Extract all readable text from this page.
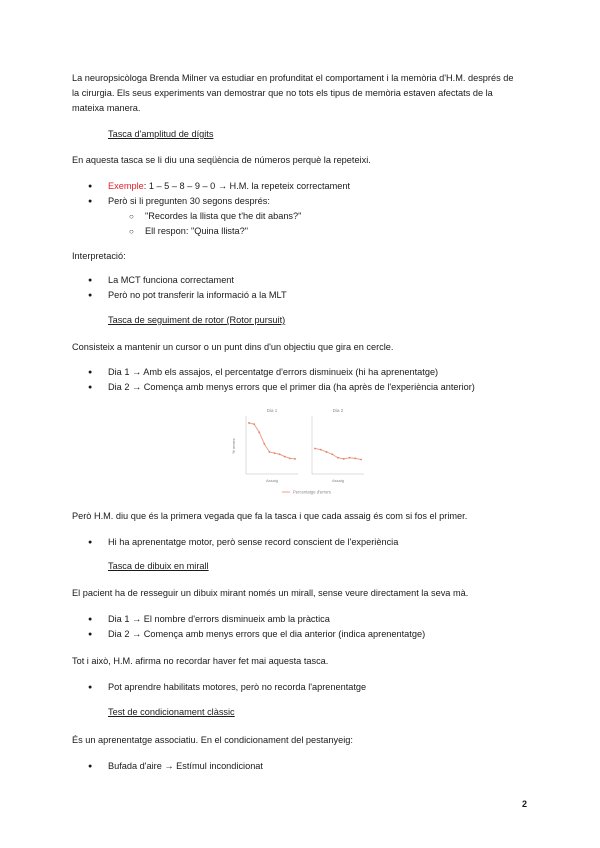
La neuropsicòloga Brenda Milner va estudiar en profunditat el comportament i la memòria d'H.M. després de
la cirurgia. Els seus experiments van demostrar que no tots els tipus de memòria estaven afectats de la
mateixa manera.
Tasca d'amplitud de dígits
En aquesta tasca se li diu una seqüència de números perquè la repeteixi.
● Exemple: 1 – 5 – 8 – 9 – 0 → H.M. la repeteix correctament
● Però si li pregunten 30 segons després:
○ "Recordes la llista que t'he dit abans?"
○ Ell respon: "Quina llista?"
Interpretació:
● La MCT funciona correctament
● Però no pot transferir la informació a la MLT
Tasca de seguiment de rotor (Rotor pursuit)
Consisteix a mantenir un cursor o un punt dins d'un objectiu que gira en cercle.
● Dia 1 → Amb els assajos, el percentatge d'errors disminueix (hi ha aprenentatge)
● Dia 2 → Comença amb menys errors que el primer dia (ha après de l'experiència anterior)
% errors
Dia 1
Assaig
Dia 2
Assaig
Percentatge d'errors
Però H.M. diu que és la primera vegada que fa la tasca i que cada assaig és com si fos el primer.
● Hi ha aprenentatge motor, però sense record conscient de l'experiència
Tasca de dibuix en mirall
El pacient ha de resseguir un dibuix mirant només un mirall, sense veure directament la seva mà.
● Dia 1 → El nombre d'errors disminueix amb la pràctica
● Dia 2 → Comença amb menys errors que el dia anterior (indica aprenentatge)
Tot i això, H.M. afirma no recordar haver fet mai aquesta tasca.
● Pot aprendre habilitats motores, però no recorda l'aprenentatge
Test de condicionament clàssic
És un aprenentatge associatiu. En el condicionament del pestanyeig:
● Bufada d'aire → Estímul incondicionat
2
